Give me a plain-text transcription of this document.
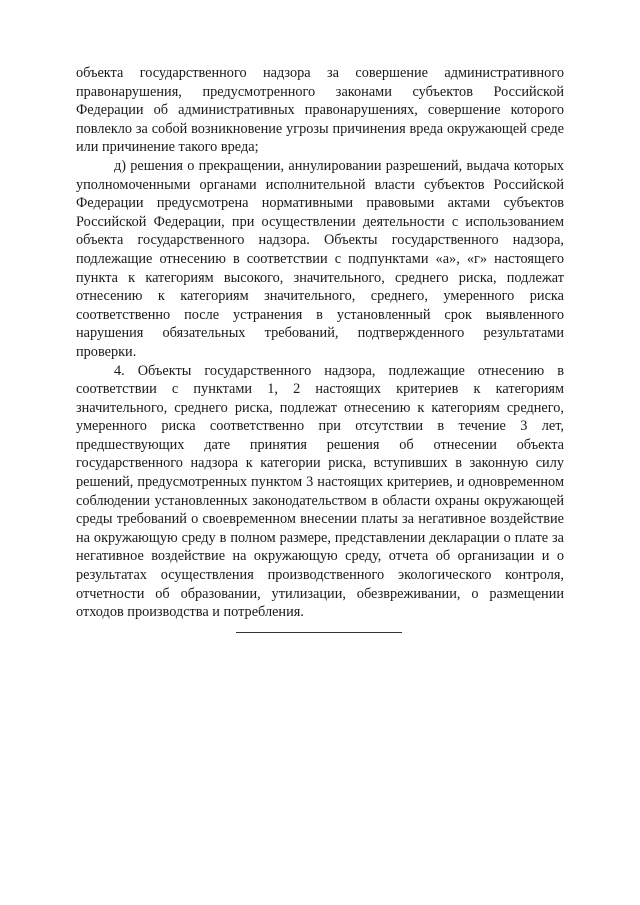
объекта государственного надзора за совершение административного правонарушения, предусмотренного законами субъектов Российской Федерации об административных правонарушениях, совершение которого повлекло за собой возникновение угрозы причинения вреда окружающей среде или причинение такого вреда;

д) решения о прекращении, аннулировании разрешений, выдача которых уполномоченными органами исполнительной власти субъектов Российской Федерации предусмотрена нормативными правовыми актами субъектов Российской Федерации, при осуществлении деятельности с использованием объекта государственного надзора. Объекты государственного надзора, подлежащие отнесению в соответствии с подпунктами «а», «г» настоящего пункта к категориям высокого, значительного, среднего риска, подлежат отнесению к категориям значительного, среднего, умеренного риска соответственно после устранения в установленный срок выявленного нарушения обязательных требований, подтвержденного результатами проверки.

4. Объекты государственного надзора, подлежащие отнесению в соответствии с пунктами 1, 2 настоящих критериев к категориям значительного, среднего риска, подлежат отнесению к категориям среднего, умеренного риска соответственно при отсутствии в течение 3 лет, предшествующих дате принятия решения об отнесении объекта государственного надзора к категории риска, вступивших в законную силу решений, предусмотренных пунктом 3 настоящих критериев, и одновременном соблюдении установленных законодательством в области охраны окружающей среды требований о своевременном внесении платы за негативное воздействие на окружающую среду в полном размере, представлении декларации о плате за негативное воздействие на окружающую среду, отчета об организации и о результатах осуществления производственного экологического контроля, отчетности об образовании, утилизации, обезвреживании, о размещении отходов производства и потребления.
